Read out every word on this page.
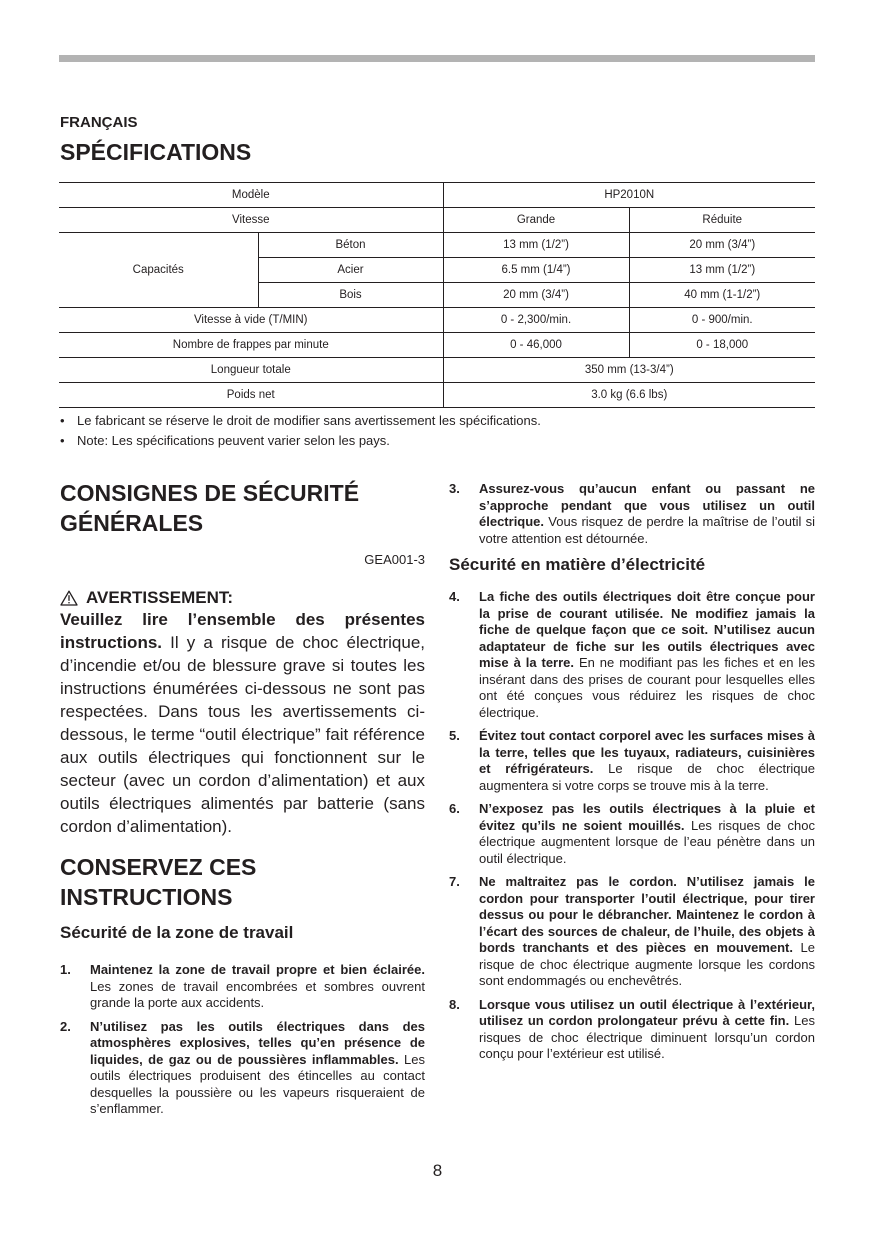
FRANÇAIS
SPÉCIFICATIONS
Modèle		HP2010N	
Vitesse		Grande	Réduite
Capacités	Béton	13 mm (1/2”)	20 mm (3/4”)
	Acier	6.5 mm (1/4”)	13 mm (1/2”)
	Bois	20 mm (3/4”)	40 mm (1-1/2”)
Vitesse à vide (T/MIN)		0 - 2,300/min.	0 - 900/min.
Nombre de frappes par minute		0 - 46,000	0 - 18,000
Longueur totale		350 mm (13-3/4”)	
Poids net		3.0 kg (6.6 lbs)	
• Le fabricant se réserve le droit de modifier sans avertissement les spécifications.
• Note: Les spécifications peuvent varier selon les pays.
CONSIGNES DE SÉCURITÉ
GÉNÉRALES
GEA001-3
AVERTISSEMENT:

Veuillez lire l’ensemble des présentes instructions. Il y a risque de choc électrique, d’incendie et/ou de blessure grave si toutes les instructions énumérées ci-dessous ne sont pas respectées. Dans tous les avertissements ci-dessous, le terme “outil électrique” fait référence aux outils électriques qui fonctionnent sur le secteur (avec un cordon d’alimentation) et aux outils électriques alimentés par batterie (sans cordon d’alimentation).

CONSERVEZ CES
INSTRUCTIONS
Sécurité de la zone de travail
1.	Maintenez la zone de travail propre et bien éclairée. Les zones de travail encombrées et sombres ouvrent grande la porte aux accidents.
2.	N’utilisez pas les outils électriques dans des atmosphères explosives, telles qu’en présence de liquides, de gaz ou de poussières inflammables. Les outils électriques produisent des étincelles au contact desquelles la poussière ou les vapeurs risqueraient de s’enflammer.
3.	Assurez-vous qu’aucun enfant ou passant ne s’approche pendant que vous utilisez un outil électrique. Vous risquez de perdre la maîtrise de l’outil si votre attention est détournée.
Sécurité en matière d’électricité
4.	La fiche des outils électriques doit être conçue pour la prise de courant utilisée. Ne modifiez jamais la fiche de quelque façon que ce soit. N’utilisez aucun adaptateur de fiche sur les outils électriques avec mise à la terre. En ne modifiant pas les fiches et en les insérant dans des prises de courant pour lesquelles elles ont été conçues vous réduirez les risques de choc électrique.
5.	Évitez tout contact corporel avec les surfaces mises à la terre, telles que les tuyaux, radiateurs, cuisinières et réfrigérateurs. Le risque de choc électrique augmentera si votre corps se trouve mis à la terre.
6.	N’exposez pas les outils électriques à la pluie et évitez qu’ils ne soient mouillés. Les risques de choc électrique augmentent lorsque de l’eau pénètre dans un outil électrique.
7.	Ne maltraitez pas le cordon. N’utilisez jamais le cordon pour transporter l’outil électrique, pour tirer dessus ou pour le débrancher. Maintenez le cordon à l’écart des sources de chaleur, de l’huile, des objets à bords tranchants et des pièces en mouvement. Le risque de choc électrique augmente lorsque les cordons sont endommagés ou enchevêtrés.
8.	Lorsque vous utilisez un outil électrique à l’extérieur, utilisez un cordon prolongateur prévu à cette fin. Les risques de choc électrique diminuent lorsqu’un cordon conçu pour l’extérieur est utilisé.
8
